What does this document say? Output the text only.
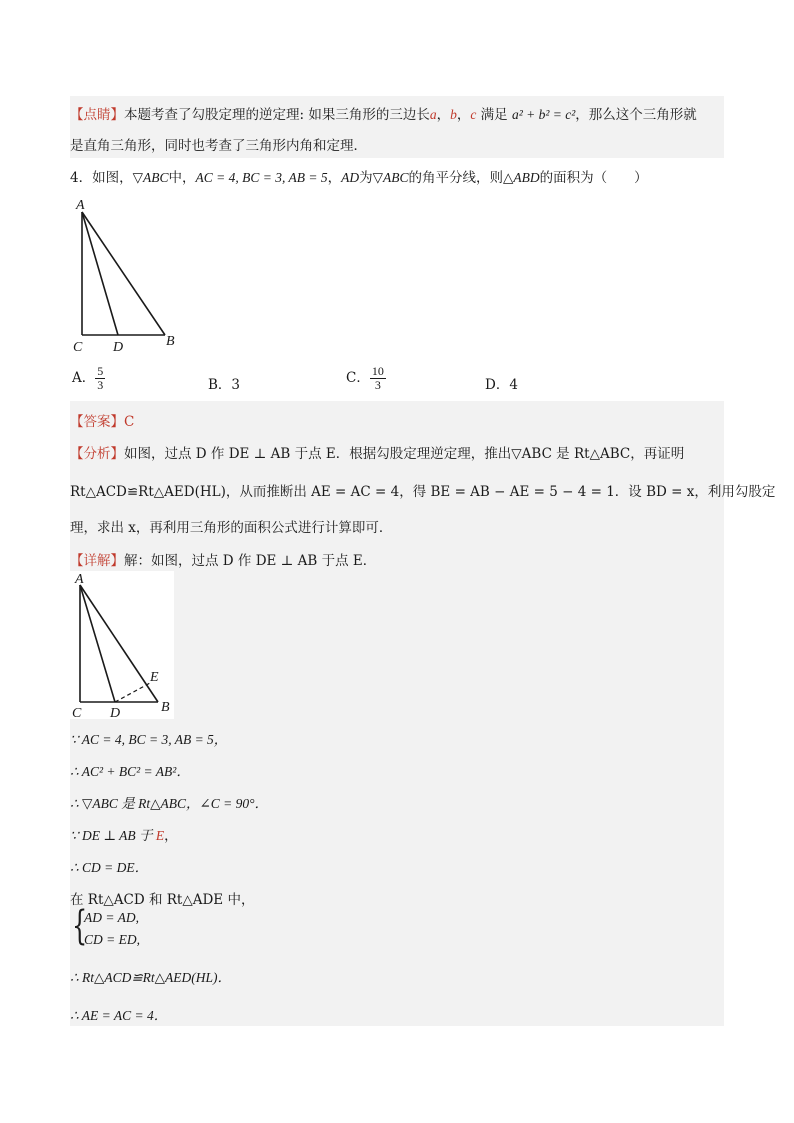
【点睛】本题考查了勾股定理的逆定理: 如果三角形的三边长a，b，c 满足 a² + b² = c²，那么这个三角形就
是直角三角形，同时也考查了三角形内角和定理．
4．如图，▽ABC中，AC = 4, BC = 3, AB = 5，AD为▽ABC的角平分线，则△ABD的面积为（　　）
A
C D	B
A． $\frac{5}{3}$	B．3	C． $\frac{10}{3}$	D．4
【答案】C
【分析】如图，过点 D 作 DE ⊥ AB 于点 E．根据勾股定理逆定理，推出▽ABC 是 Rt△ABC，再证明
Rt△ACD≌Rt△AED(HL)，从而推断出 AE = AC = 4，得 BE = AB − AE = 5 − 4 = 1．设 BD = x，利用勾股定
理，求出 x，再利用三角形的面积公式进行计算即可．
【详解】解：如图，过点 D 作 DE ⊥ AB 于点 E．
A
E
C D	B
∵ AC = 4, BC = 3, AB = 5，
∴ AC² + BC² = AB²．
∴ ▽ABC 是 Rt△ABC，∠C = 90°．
∵ DE ⊥ AB 于 E，
∴ CD = DE．
在 Rt△ACD 和 Rt△ADE 中，
{
AD = AD,
CD = ED,
∴ Rt△ACD≌Rt△AED(HL)．
∴ AE = AC = 4．
